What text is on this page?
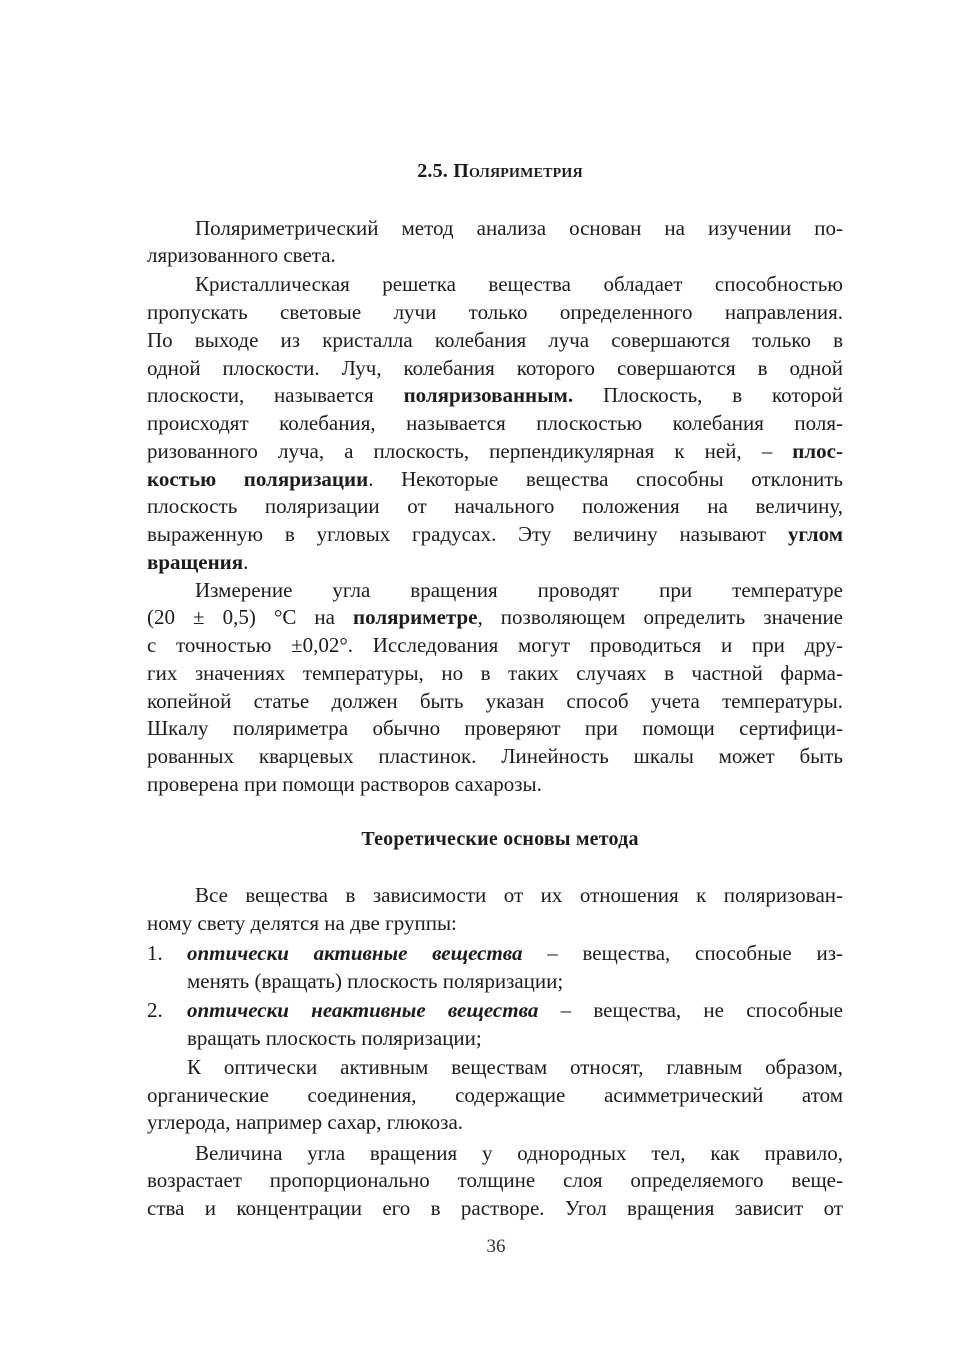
2.5. Поляриметрия
Поляриметрический метод анализа основан на изучении по-
ляризованного света.
Кристаллическая решетка вещества обладает способностью
пропускать световые лучи только определенного направления.
По выходе из кристалла колебания луча совершаются только в
одной плоскости. Луч, колебания которого совершаются в одной
плоскости, называется поляризованным. Плоскость, в которой
происходят колебания, называется плоскостью колебания поля-
ризованного луча, а плоскость, перпендикулярная к ней, – плос-
костью поляризации. Некоторые вещества способны отклонить
плоскость поляризации от начального положения на величину,
выраженную в угловых градусах. Эту величину называют углом
вращения.
Измерение угла вращения проводят при температуре
(20 ± 0,5) °С на поляриметре, позволяющем определить значение
с точностью ±0,02°. Исследования могут проводиться и при дру-
гих значениях температуры, но в таких случаях в частной фарма-
копейной статье должен быть указан способ учета температуры.
Шкалу поляриметра обычно проверяют при помощи сертифици-
рованных кварцевых пластинок. Линейность шкалы может быть
проверена при помощи растворов сахарозы.
Теоретические основы метода
Все вещества в зависимости от их отношения к поляризован-
ному свету делятся на две группы:
1. оптически активные вещества – вещества, способные из-
менять (вращать) плоскость поляризации;
2. оптически неактивные вещества – вещества, не способные
вращать плоскость поляризации;
К оптически активным веществам относят, главным образом,
органические соединения, содержащие асимметрический атом
углерода, например сахар, глюкоза.
Величина угла вращения у однородных тел, как правило,
возрастает пропорционально толщине слоя определяемого веще-
ства и концентрации его в растворе. Угол вращения зависит от
36
